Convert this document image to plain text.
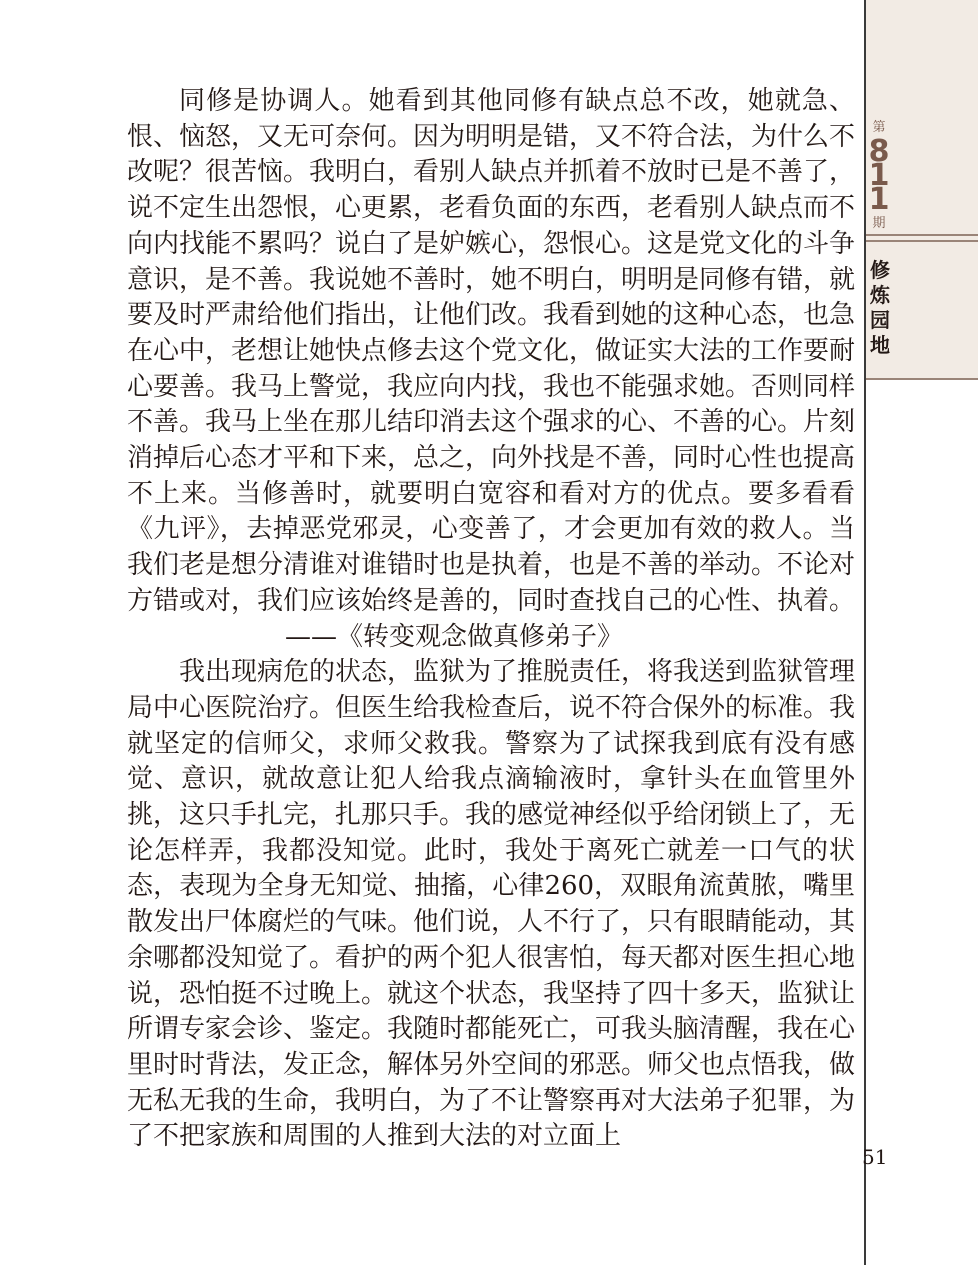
第
811
期
修炼园地

同修是协调人。她看到其他同修有缺点总不改，她就急、恨、恼怒，又无可奈何。因为明明是错，又不符合法，为什么不改呢？很苦恼。我明白，看别人缺点并抓着不放时已是不善了，说不定生出怨恨，心更累，老看负面的东西，老看别人缺点而不向内找能不累吗？说白了是妒嫉心，怨恨心。这是党文化的斗争意识，是不善。我说她不善时，她不明白，明明是同修有错，就要及时严肃给他们指出，让他们改。我看到她的这种心态，也急在心中，老想让她快点修去这个党文化，做证实大法的工作要耐心要善。我马上警觉，我应向内找，我也不能强求她。否则同样不善。我马上坐在那儿结印消去这个强求的心、不善的心。片刻消掉后心态才平和下来，总之，向外找是不善，同时心性也提高不上来。当修善时，就要明白宽容和看对方的优点。要多看看《九评》，去掉恶党邪灵，心变善了，才会更加有效的救人。当我们老是想分清谁对谁错时也是执着，也是不善的举动。不论对方错或对，我们应该始终是善的，同时查找自己的心性、执着。

——《转变观念做真修弟子》

我出现病危的状态，监狱为了推脱责任，将我送到监狱管理局中心医院治疗。但医生给我检查后，说不符合保外的标准。我就坚定的信师父，求师父救我。警察为了试探我到底有没有感觉、意识，就故意让犯人给我点滴输液时，拿针头在血管里外挑，这只手扎完，扎那只手。我的感觉神经似乎给闭锁上了，无论怎样弄，我都没知觉。此时，我处于离死亡就差一口气的状态，表现为全身无知觉、抽搐，心律260，双眼角流黄脓，嘴里散发出尸体腐烂的气味。他们说，人不行了，只有眼睛能动，其余哪都没知觉了。看护的两个犯人很害怕，每天都对医生担心地说，恐怕挺不过晚上。就这个状态，我坚持了四十多天，监狱让所谓专家会诊、鉴定。我随时都能死亡，可我头脑清醒，我在心里时时背法，发正念，解体另外空间的邪恶。师父也点悟我，做无私无我的生命，我明白，为了不让警察再对大法弟子犯罪，为了不把家族和周围的人推到大法的对立面上

51
